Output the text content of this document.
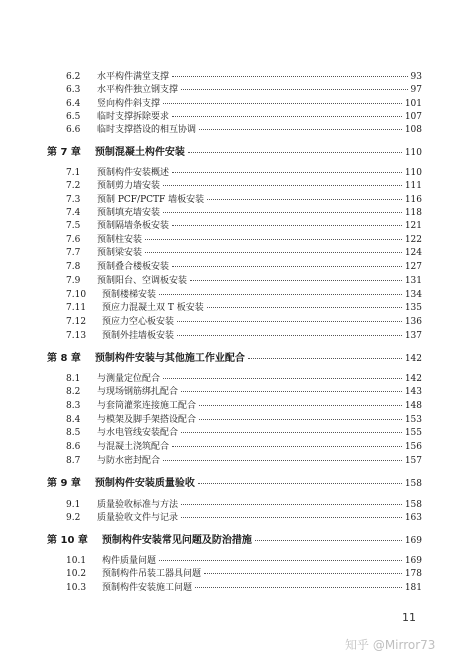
6.2	水平构件满堂支撑	93
6.3	水平构件独立钢支撑	97
6.4	竖向构件斜支撑	101
6.5	临时支撑拆除要求	107
6.6	临时支撑搭设的相互协调	108
第 7 章 预制混凝土构件安装	110
7.1	预制构件安装概述	110
7.2	预制剪力墙安装	111
7.3	预制 PCF/PCTF 墙板安装	116
7.4	预制填充墙安装	118
7.5	预制隔墙条板安装	121
7.6	预制柱安装	122
7.7	预制梁安装	124
7.8	预制叠合楼板安装	127
7.9	预制阳台、空调板安装	131
7.10	预制楼梯安装	134
7.11	预应力混凝土双 T 板安装	135
7.12	预应力空心板安装	136
7.13	预制外挂墙板安装	137
第 8 章 预制构件安装与其他施工作业配合	142
8.1	与测量定位配合	142
8.2	与现场钢筋绑扎配合	143
8.3	与套筒灌浆连接施工配合	148
8.4	与模架及脚手架搭设配合	153
8.5	与水电管线安装配合	155
8.6	与混凝土浇筑配合	156
8.7	与防水密封配合	157
第 9 章 预制构件安装质量验收	158
9.1	质量验收标准与方法	158
9.2	质量验收文件与记录	163
第 10 章 预制构件安装常见问题及防治措施	169
10.1	构件质量问题	169
10.2	预制构件吊装工器具问题	178
10.3	预制构件安装施工问题	181
11
知乎 @Mirror73
